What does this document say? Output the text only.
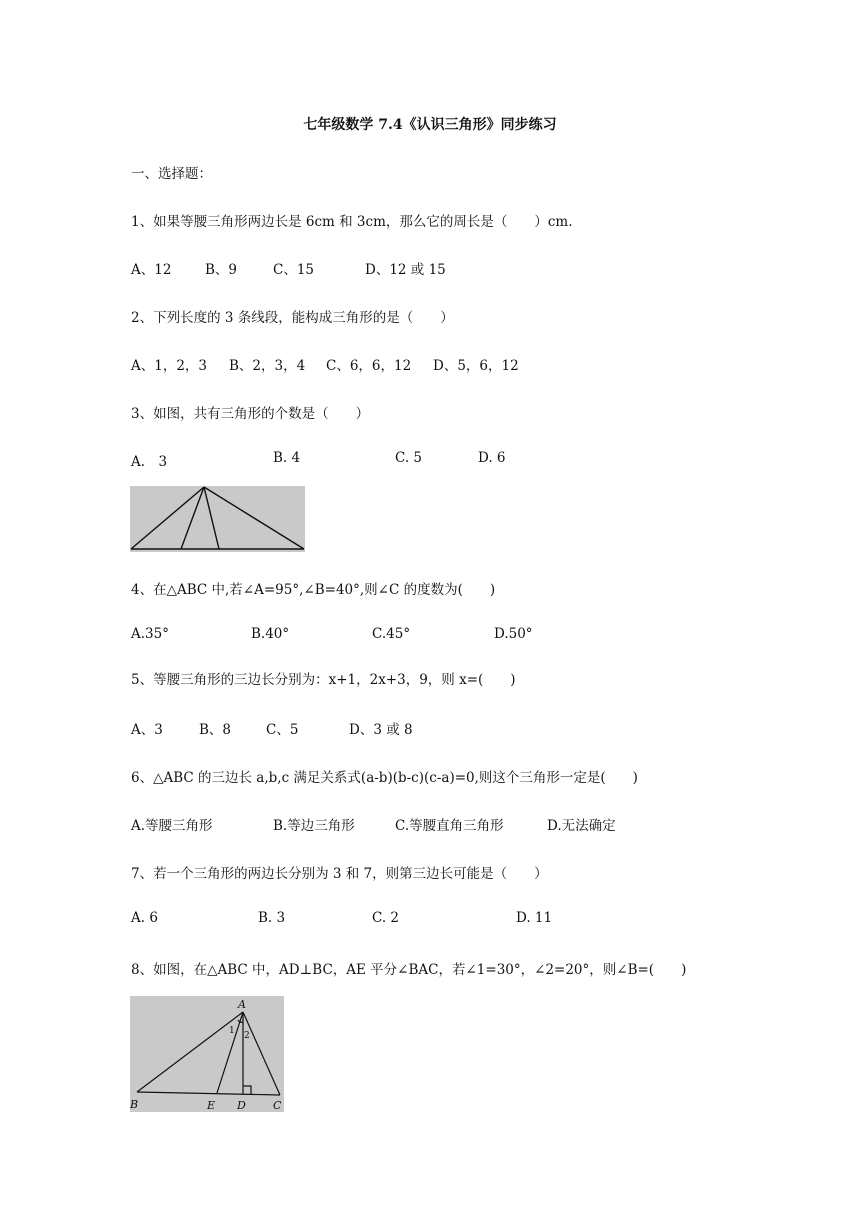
七年级数学 7.4《认识三角形》同步练习
一、选择题：
1、如果等腰三角形两边长是 6cm 和 3cm，那么它的周长是（　　）cm.
A、12 B、9	C、15	D、12 或 15
2、下列长度的 3 条线段，能构成三角形的是（　　）
A、1，2，3 B、2，3，4 C、6，6，12 D、5，6，12
3、如图，共有三角形的个数是（　　）
A.　3	B. 4	C. 5	D. 6
4、在△ABC 中,若∠A=95°,∠B=40°,则∠C 的度数为(　　)
A.35°	B.40°	C.45°	D.50°
5、等腰三角形的三边长分别为：x+1，2x+3，9，则 x=(　　)
A、3	B、8	C、5	D、3 或 8
6、△ABC 的三边长 a,b,c 满足关系式(a-b)(b-c)(c-a)=0,则这个三角形一定是(　　)
A.等腰三角形	B.等边三角形	C.等腰直角三角形	D.无法确定
7、若一个三角形的两边长分别为 3 和 7，则第三边长可能是（　　）
A. 6	B. 3	C. 2	D. 11
8、如图，在△ABC 中，AD⊥BC，AE 平分∠BAC，若∠1=30°，∠2=20°，则∠B=(　　)
A
B	C
D
E
1 2
